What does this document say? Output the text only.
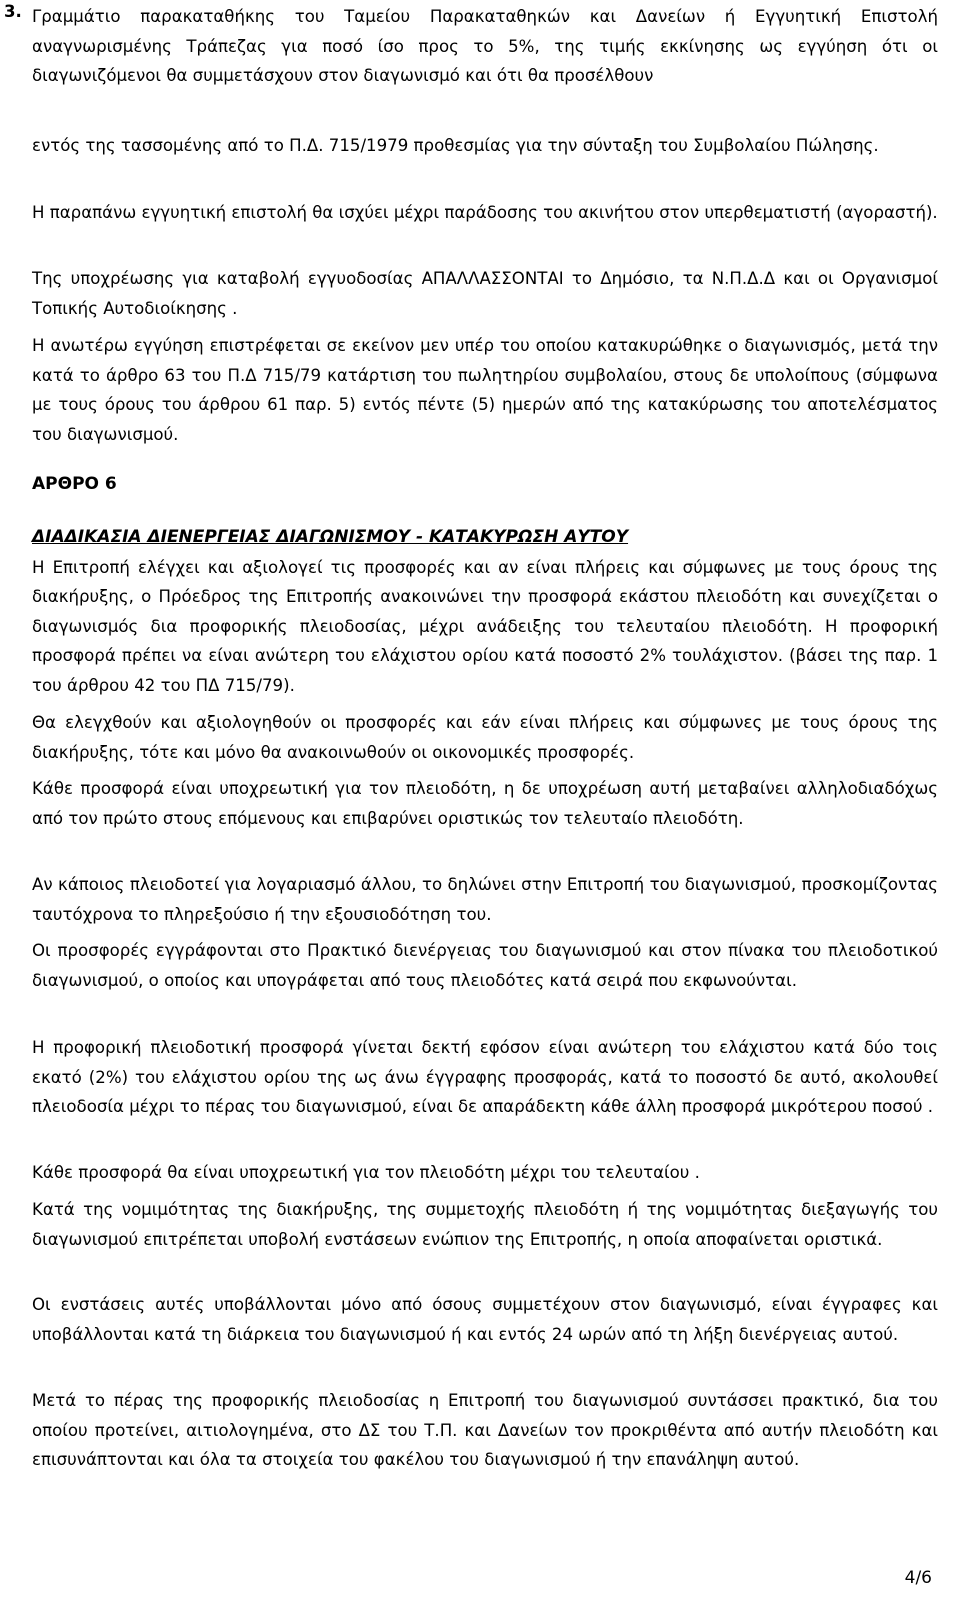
3. Γραμμάτιο παρακαταθήκης του Ταμείου Παρακαταθηκών και Δανείων ή Εγγυητική Επιστολή αναγνωρισμένης Τράπεζας για ποσό ίσο προς το 5%, της τιμής εκκίνησης ως εγγύηση ότι οι διαγωνιζόμενοι θα συμμετάσχουν στον διαγωνισμό και ότι θα προσέλθουν
εντός της τασσομένης από το Π.Δ. 715/1979 προθεσμίας για την σύνταξη του Συμβολαίου Πώλησης.
Η παραπάνω εγγυητική επιστολή θα ισχύει μέχρι παράδοσης του ακινήτου στον υπερθεματιστή (αγοραστή).
Της υποχρέωσης για καταβολή εγγυοδοσίας ΑΠΑΛΛΑΣΣΟΝΤΑΙ το Δημόσιο, τα Ν.Π.Δ.Δ και οι Οργανισμοί Τοπικής Αυτοδιοίκησης .
Η ανωτέρω εγγύηση επιστρέφεται σε εκείνον μεν υπέρ του οποίου κατακυρώθηκε ο διαγωνισμός, μετά την κατά το άρθρο 63 του Π.Δ 715/79 κατάρτιση του πωλητηρίου συμβολαίου, στους δε υπολοίπους (σύμφωνα με τους όρους του άρθρου 61 παρ. 5) εντός πέντε (5) ημερών από της κατακύρωσης του αποτελέσματος του διαγωνισμού.
ΑΡΘΡΟ 6
ΔΙΑΔΙΚΑΣΙΑ ΔΙΕΝΕΡΓΕΙΑΣ ΔΙΑΓΩΝΙΣΜΟΥ - ΚΑΤΑΚΥΡΩΣΗ ΑΥΤΟΥ
Η Επιτροπή ελέγχει και αξιολογεί τις προσφορές και αν είναι πλήρεις και σύμφωνες με τους όρους της διακήρυξης, ο Πρόεδρος της Επιτροπής ανακοινώνει την προσφορά εκάστου πλειοδότη και συνεχίζεται ο διαγωνισμός δια προφορικής πλειοδοσίας, μέχρι ανάδειξης του τελευταίου πλειοδότη. Η προφορική προσφορά πρέπει να είναι ανώτερη του ελάχιστου ορίου κατά ποσοστό 2% τουλάχιστον. (βάσει της παρ. 1 του άρθρου 42 του ΠΔ 715/79).
Θα ελεγχθούν και αξιολογηθούν οι προσφορές και εάν είναι πλήρεις και σύμφωνες με τους όρους της διακήρυξης, τότε και μόνο θα ανακοινωθούν οι οικονομικές προσφορές.
Κάθε προσφορά είναι υποχρεωτική για τον πλειοδότη, η δε υποχρέωση αυτή μεταβαίνει αλληλοδιαδόχως από τον πρώτο στους επόμενους και επιβαρύνει οριστικώς τον τελευταίο πλειοδότη.
Αν κάποιος πλειοδοτεί για λογαριασμό άλλου, το δηλώνει στην Επιτροπή του διαγωνισμού, προσκομίζοντας ταυτόχρονα το πληρεξούσιο ή την εξουσιοδότηση του.
Οι προσφορές εγγράφονται στο Πρακτικό διενέργειας του διαγωνισμού και στον πίνακα του πλειοδοτικού διαγωνισμού, ο οποίος και υπογράφεται από τους πλειοδότες κατά σειρά που εκφωνούνται.
Η προφορική πλειοδοτική προσφορά γίνεται δεκτή εφόσον είναι ανώτερη του ελάχιστου κατά δύο τοις εκατό (2%) του ελάχιστου ορίου της ως άνω έγγραφης προσφοράς, κατά το ποσοστό δε αυτό, ακολουθεί πλειοδοσία μέχρι το πέρας του διαγωνισμού, είναι δε απαράδεκτη κάθε άλλη προσφορά μικρότερου ποσού .
Κάθε προσφορά θα είναι υποχρεωτική για τον πλειοδότη μέχρι του τελευταίου .
Κατά της νομιμότητας της διακήρυξης, της συμμετοχής πλειοδότη ή της νομιμότητας διεξαγωγής του διαγωνισμού επιτρέπεται υποβολή ενστάσεων ενώπιον της Επιτροπής, η οποία αποφαίνεται οριστικά.
Οι ενστάσεις αυτές υποβάλλονται μόνο από όσους συμμετέχουν στον διαγωνισμό, είναι έγγραφες και υποβάλλονται κατά τη διάρκεια του διαγωνισμού ή και εντός 24 ωρών από τη λήξη διενέργειας αυτού.
Μετά το πέρας της προφορικής πλειοδοσίας η Επιτροπή του διαγωνισμού συντάσσει πρακτικό, δια του οποίου προτείνει, αιτιολογημένα, στο ΔΣ του Τ.Π. και Δανείων τον προκριθέντα από αυτήν πλειοδότη και επισυνάπτονται και όλα τα στοιχεία του φακέλου του διαγωνισμού ή την επανάληψη αυτού.
4/6
